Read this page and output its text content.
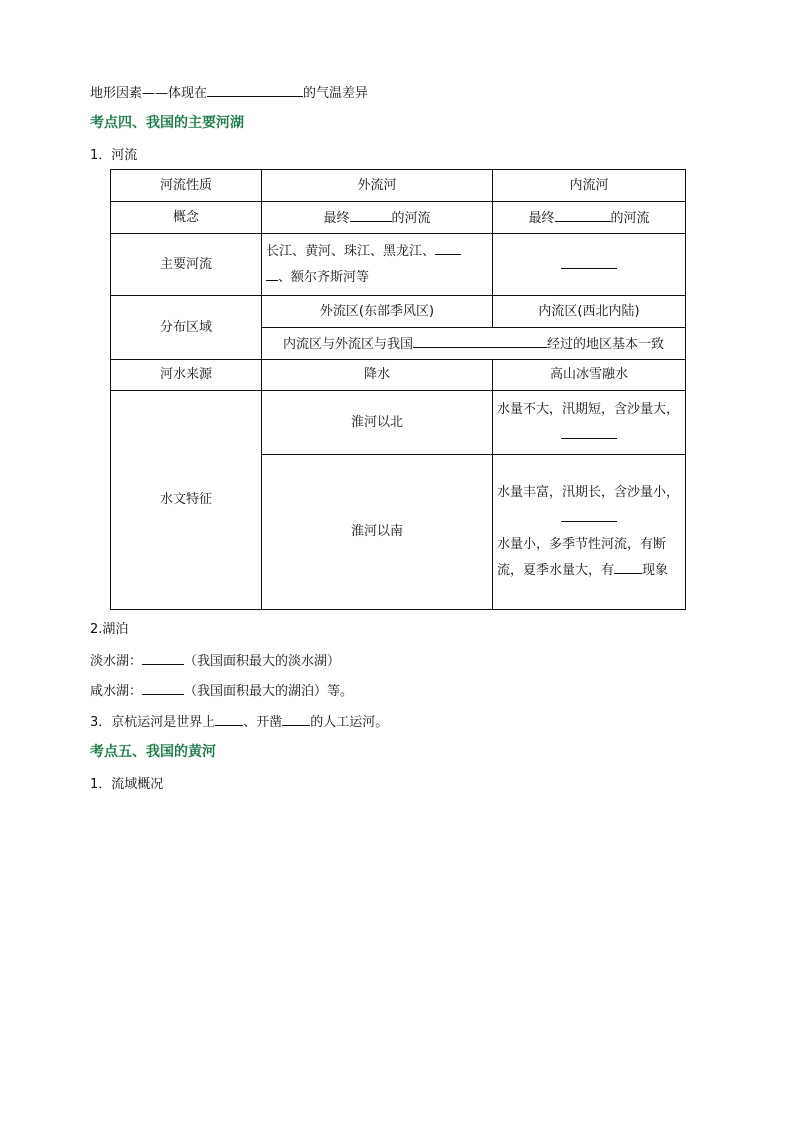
地形因素——体现在	的气温差异
考点四、我国的主要河湖
1．河流
河流性质	外流河	内流河
概念	最终 的河流	最终 的河流
主要河流	长江、黄河、珠江、黑龙江、

、额尔齐斯河等	

分布区域	外流区(东部季风区)	内流区(西北内陆)
	内流区与外流区与我国 经过的地区基本一致	
河水来源	降水	高山冰雪融水
水文特征	淮河以北	水量不大，汛期短，含沙量大，

	淮河以南	水量丰富，汛期长，含沙量小，

水量小，多季节性河流，有断

流，夏季水量大，有 现象

2.湖泊
淡水湖：	（我国面积最大的淡水湖）
咸水湖：	（我国面积最大的湖泊）等。
3．京杭运河是世界上 、开凿 的人工运河。
考点五、我国的黄河
1．流域概况
